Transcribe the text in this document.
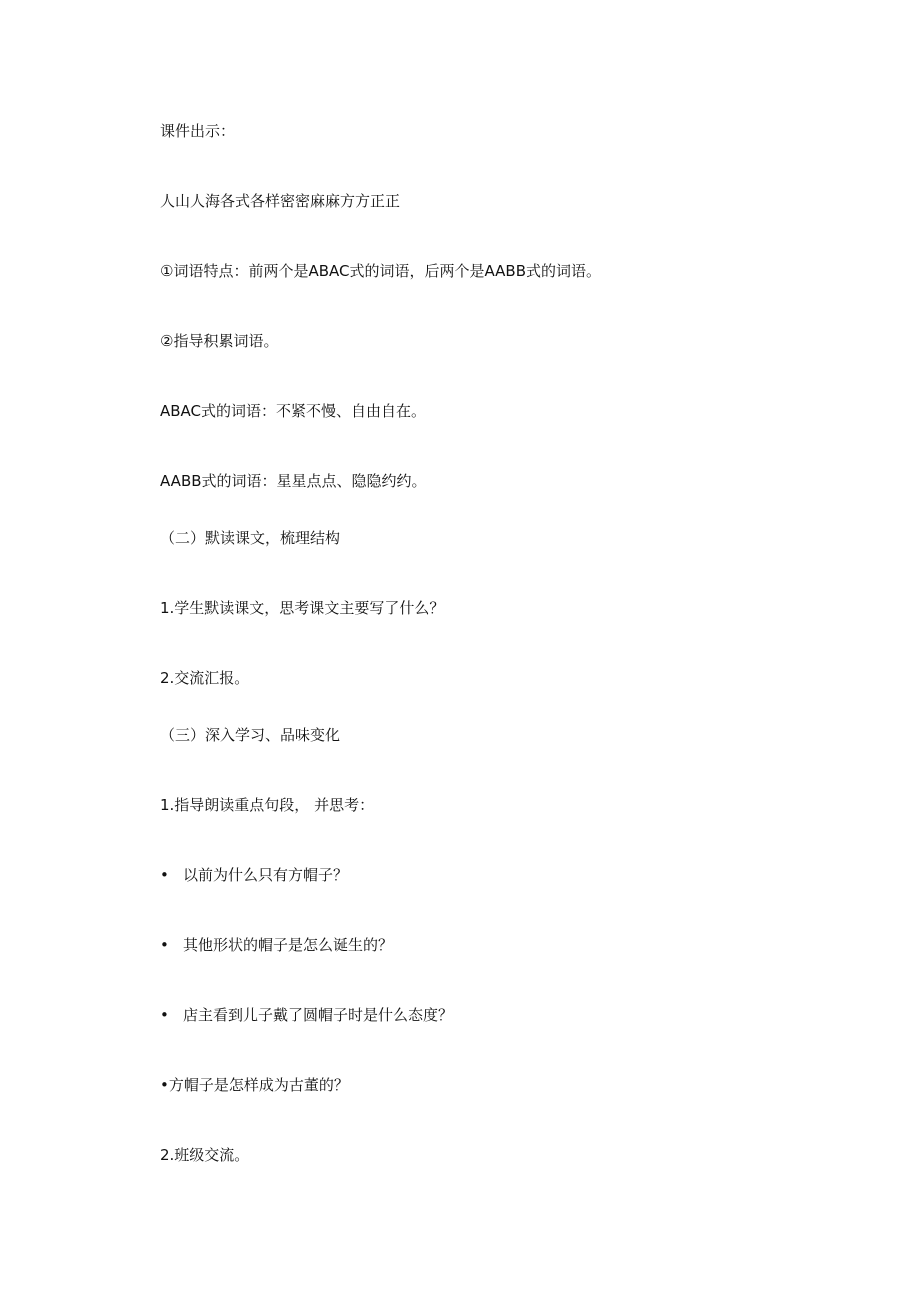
课件出示：

人山人海各式各样密密麻麻方方正正

①词语特点：前两个是ABAC式的词语，后两个是AABB式的词语。

②指导积累词语。

ABAC式的词语：不紧不慢、自由自在。

AABB式的词语：星星点点、隐隐约约。

（二）默读课文，梳理结构

1.学生默读课文，思考课文主要写了什么？

2.交流汇报。

（三）深入学习、品味变化

1.指导朗读重点句段， 并思考：

• 以前为什么只有方帽子？

• 其他形状的帽子是怎么诞生的？

• 店主看到儿子戴了圆帽子时是什么态度？

•方帽子是怎样成为古董的？

2.班级交流。
